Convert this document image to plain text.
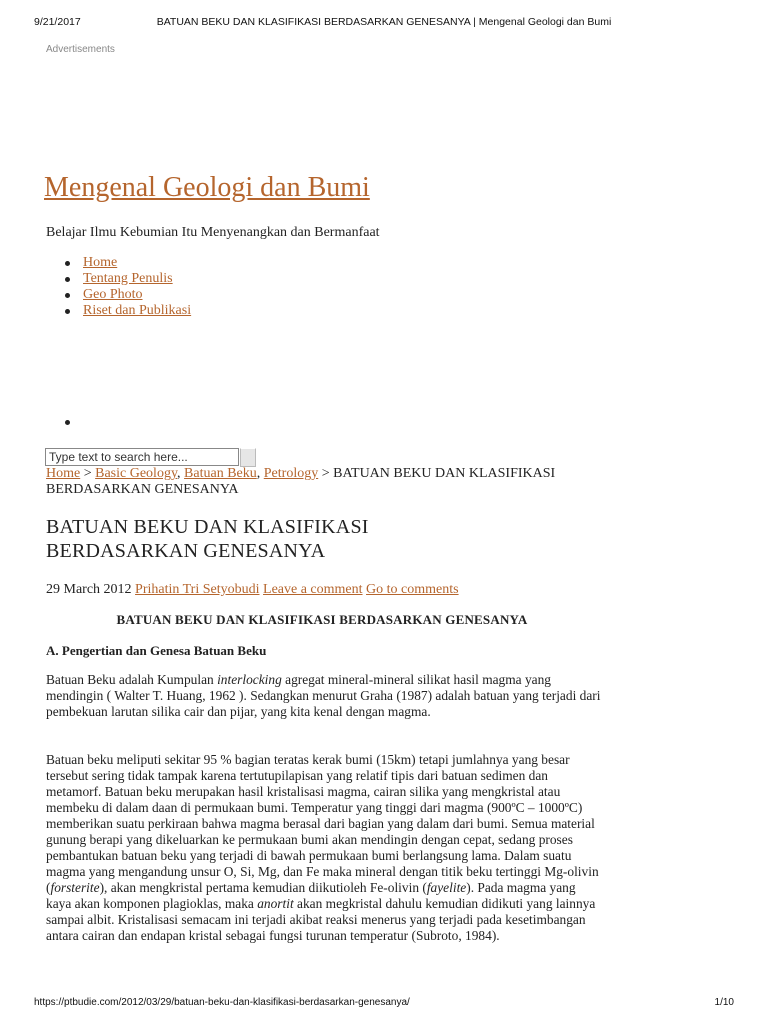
9/21/2017	BATUAN BEKU DAN KLASIFIKASI BERDASARKAN GENESANYA | Mengenal Geologi dan Bumi
Advertisements
Mengenal Geologi dan Bumi

Belajar Ilmu Kebumian Itu Menyenangkan dan Bermanfaat

Home
Tentang Penulis
Geo Photo
Riset dan Publikasi
Type text to search here...

Home > Basic Geology, Batuan Beku, Petrology > BATUAN BEKU DAN KLASIFIKASI BERDASARKAN GENESANYA

BATUAN BEKU DAN KLASIFIKASI
BERDASARKAN GENESANYA

29 March 2012 Prihatin Tri Setyobudi Leave a comment Go to comments

BATUAN BEKU DAN KLASIFIKASI BERDASARKAN GENESANYA

A. Pengertian dan Genesa Batuan Beku

Batuan Beku adalah Kumpulan interlocking agregat mineral-mineral silikat hasil magma yang mendingin ( Walter T. Huang, 1962 ). Sedangkan menurut Graha (1987) adalah batuan yang terjadi dari pembekuan larutan silika cair dan pijar, yang kita kenal dengan magma.

Batuan beku meliputi sekitar 95 % bagian teratas kerak bumi (15km) tetapi jumlahnya yang besar tersebut sering tidak tampak karena tertutupilapisan yang relatif tipis dari batuan sedimen dan metamorf. Batuan beku merupakan hasil kristalisasi magma, cairan silika yang mengkristal atau membeku di dalam daan di permukaan bumi. Temperatur yang tinggi dari magma (900ºC – 1000ºC) memberikan suatu perkiraan bahwa magma berasal dari bagian yang dalam dari bumi. Semua material gunung berapi yang dikeluarkan ke permukaan bumi akan mendingin dengan cepat, sedang proses pembantukan batuan beku yang terjadi di bawah permukaan bumi berlangsung lama. Dalam suatu magma yang mengandung unsur O, Si, Mg, dan Fe maka mineral dengan titik beku tertinggi Mg-olivin (forsterite), akan mengkristal pertama kemudian diikutioleh Fe-olivin (fayelite). Pada magma yang kaya akan komponen plagioklas, maka anortit akan megkristal dahulu kemudian didikuti yang lainnya sampai albit. Kristalisasi semacam ini terjadi akibat reaksi menerus yang terjadi pada kesetimbangan antara cairan dan endapan kristal sebagai fungsi turunan temperatur (Subroto, 1984).

https://ptbudie.com/2012/03/29/batuan-beku-dan-klasifikasi-berdasarkan-genesanya/	1/10
